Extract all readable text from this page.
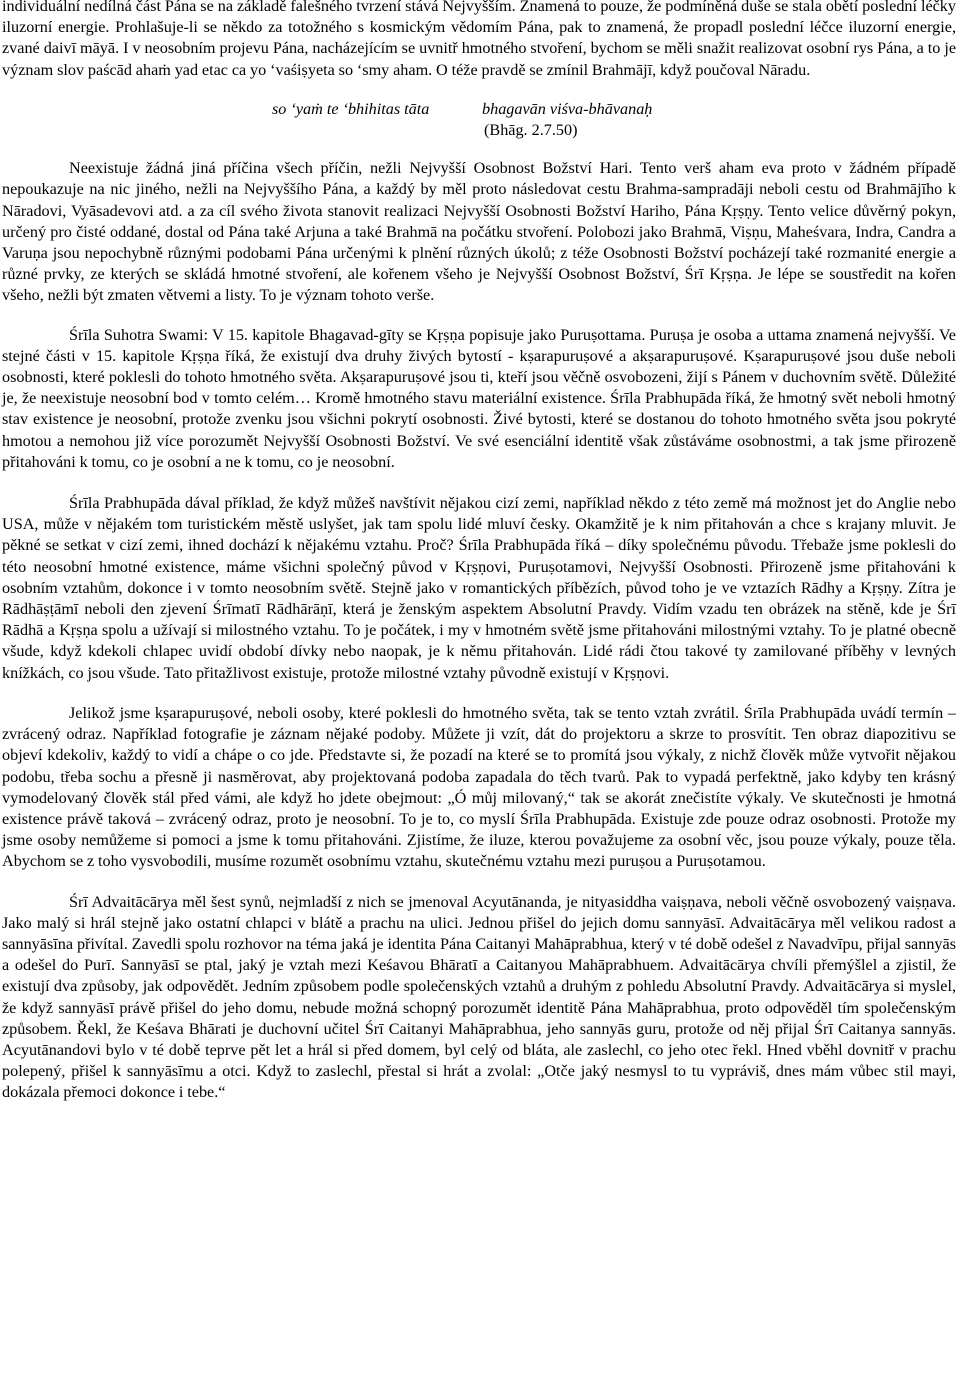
individuální nedílná část Pána se na základě falešného tvrzení stává Nejvyšším. Znamená to pouze, že podmíněná duše se stala obětí poslední léčky iluzorní energie. Prohlašuje-li se někdo za totožného s kosmickým vědomím Pána, pak to znamená, že propadl poslední léčce iluzorní energie, zvané daivī māyā. I v neosobním projevu Pána, nacházejícím se uvnitř hmotného stvoření, bychom se měli snažit realizovat osobní rys Pána, a to je význam slov paścād ahaṁ yad etac ca yo ʻvaśiṣyeta so ʻsmy aham. O téže pravdě se zmínil Brahmājī, když poučoval Nāradu.

so ʻyaṁ te ʻbhihitas tāta	bhagavān viśva-bhāvanaḥ
(Bhāg. 2.7.50)

Neexistuje žádná jiná příčina všech příčin, nežli Nejvyšší Osobnost Božství Hari. Tento verš aham eva proto v žádném případě nepoukazuje na nic jiného, nežli na Nejvyššího Pána, a každý by měl proto následovat cestu Brahma-sampradāji neboli cestu od Brahmājīho k Nāradovi, Vyāsadevovi atd. a za cíl svého života stanovit realizaci Nejvyšší Osobnosti Božství Hariho, Pána Kṛṣṇy. Tento velice důvěrný pokyn, určený pro čisté oddané, dostal od Pána také Arjuna a také Brahmā na počátku stvoření. Polobozi jako Brahmā, Viṣṇu, Maheśvara, Indra, Candra a Varuṇa jsou nepochybně různými podobami Pána určenými k plnění různých úkolů; z téže Osobnosti Božství pocházejí také rozmanité energie a různé prvky, ze kterých se skládá hmotné stvoření, ale kořenem všeho je Nejvyšší Osobnost Božství, Śrī Kṛṣṇa. Je lépe se soustředit na kořen všeho, nežli být zmaten větvemi a listy. To je význam tohoto verše.

Śrīla Suhotra Swami: V 15. kapitole Bhagavad-gīty se Kṛṣṇa popisuje jako Puruṣottama. Puruṣa je osoba a uttama znamená nejvyšší. Ve stejné části v 15. kapitole Kṛṣṇa říká, že existují dva druhy živých bytostí - kṣarapuruṣové a akṣarapuruṣové. Kṣarapuruṣové jsou duše neboli osobnosti, které poklesli do tohoto hmotného světa. Akṣarapuruṣové jsou ti, kteří jsou věčně osvobozeni, žijí s Pánem v duchovním světě. Důležité je, že neexistuje neosobní bod v tomto celém… Kromě hmotného stavu materiální existence. Śrīla Prabhupāda říká, že hmotný svět neboli hmotný stav existence je neosobní, protože zvenku jsou všichni pokrytí osobnosti. Živé bytosti, které se dostanou do tohoto hmotného světa jsou pokryté hmotou a nemohou již více porozumět Nejvyšší Osobnosti Božství. Ve své esenciální identitě však zůstáváme osobnostmi, a tak jsme přirozeně přitahováni k tomu, co je osobní a ne k tomu, co je neosobní.

Śrīla Prabhupāda dával příklad, že když můžeš navštívit nějakou cizí zemi, například někdo z této země má možnost jet do Anglie nebo USA, může v nějakém tom turistickém městě uslyšet, jak tam spolu lidé mluví česky. Okamžitě je k nim přitahován a chce s krajany mluvit. Je pěkné se setkat v cizí zemi, ihned dochází k nějakému vztahu. Proč? Śrīla Prabhupāda říká – díky společnému původu. Třebaže jsme poklesli do této neosobní hmotné existence, máme všichni společný původ v Kṛṣṇovi, Puruṣotamovi, Nejvyšší Osobnosti. Přirozeně jsme přitahováni k osobním vztahům, dokonce i v tomto neosobním světě. Stejně jako v romantických příbězích, původ toho je ve vztazích Rādhy a Kṛṣṇy. Zítra je Rādhāṣṭāmī neboli den zjevení Śrīmatī Rādhārāṇī, která je ženským aspektem Absolutní Pravdy. Vidím vzadu ten obrázek na stěně, kde je Śrī Rādhā a Kṛṣṇa spolu a užívají si milostného vztahu. To je počátek, i my v hmotném světě jsme přitahováni milostnými vztahy. To je platné obecně všude, když kdekoli chlapec uvidí období dívky nebo naopak, je k němu přitahován. Lidé rádi čtou takové ty zamilované příběhy v levných knížkách, co jsou všude. Tato přitažlivost existuje, protože milostné vztahy původně existují v Kṛṣṇovi.

Jelikož jsme kṣarapuruṣové, neboli osoby, které poklesli do hmotného světa, tak se tento vztah zvrátil. Śrīla Prabhupāda uvádí termín – zvrácený odraz. Například fotografie je záznam nějaké podoby. Můžete ji vzít, dát do projektoru a skrze to prosvítit. Ten obraz diapozitivu se objeví kdekoliv, každý to vidí a chápe o co jde. Představte si, že pozadí na které se to promítá jsou výkaly, z nichž člověk může vytvořit nějakou podobu, třeba sochu a přesně ji nasměrovat, aby projektovaná podoba zapadala do těch tvarů. Pak to vypadá perfektně, jako kdyby ten krásný vymodelovaný člověk stál před vámi, ale když ho jdete obejmout: „Ó můj milovaný,“ tak se akorát znečistíte výkaly. Ve skutečnosti je hmotná existence právě taková – zvrácený odraz, proto je neosobní. To je to, co myslí Śrīla Prabhupāda. Existuje zde pouze odraz osobnosti. Protože my jsme osoby nemůžeme si pomoci a jsme k tomu přitahováni. Zjistíme, že iluze, kterou považujeme za osobní věc, jsou pouze výkaly, pouze těla. Abychom se z toho vysvobodili, musíme rozumět osobnímu vztahu, skutečnému vztahu mezi puruṣou a Puruṣotamou.

Śrī Advaitācārya měl šest synů, nejmladší z nich se jmenoval Acyutānanda, je nityasiddha vaiṣṇava, neboli věčně osvobozený vaiṣṇava. Jako malý si hrál stejně jako ostatní chlapci v blátě a prachu na ulici. Jednou přišel do jejich domu sannyāsī. Advaitācārya měl velikou radost a sannyāsīna přivítal. Zavedli spolu rozhovor na téma jaká je identita Pána Caitanyi Mahāprabhua, který v té době odešel z Navadvīpu, přijal sannyās a odešel do Purī. Sannyāsī se ptal, jaký je vztah mezi Keśavou Bhāratī a Caitanyou Mahāprabhuem. Advaitācārya chvíli přemýšlel a zjistil, že existují dva způsoby, jak odpovědět. Jedním způsobem podle společenských vztahů a druhým z pohledu Absolutní Pravdy. Advaitācārya si myslel, že když sannyāsī právě přišel do jeho domu, nebude možná schopný porozumět identitě Pána Mahāprabhua, proto odpověděl tím společenským způsobem. Řekl, že Keśava Bhārati je duchovní učitel Śrī Caitanyi Mahāprabhua, jeho sannyās guru, protože od něj přijal Śrī Caitanya sannyās. Acyutānandovi bylo v té době teprve pět let a hrál si před domem, byl celý od bláta, ale zaslechl, co jeho otec řekl. Hned vběhl dovnitř v prachu polepený, přišel k sannyāsīmu a otci. Když to zaslechl, přestal si hrát a zvolal: „Otče jaký nesmysl to tu vypráviš, dnes mám vůbec stil mayi, dokázala přemoci dokonce i tebe.“
